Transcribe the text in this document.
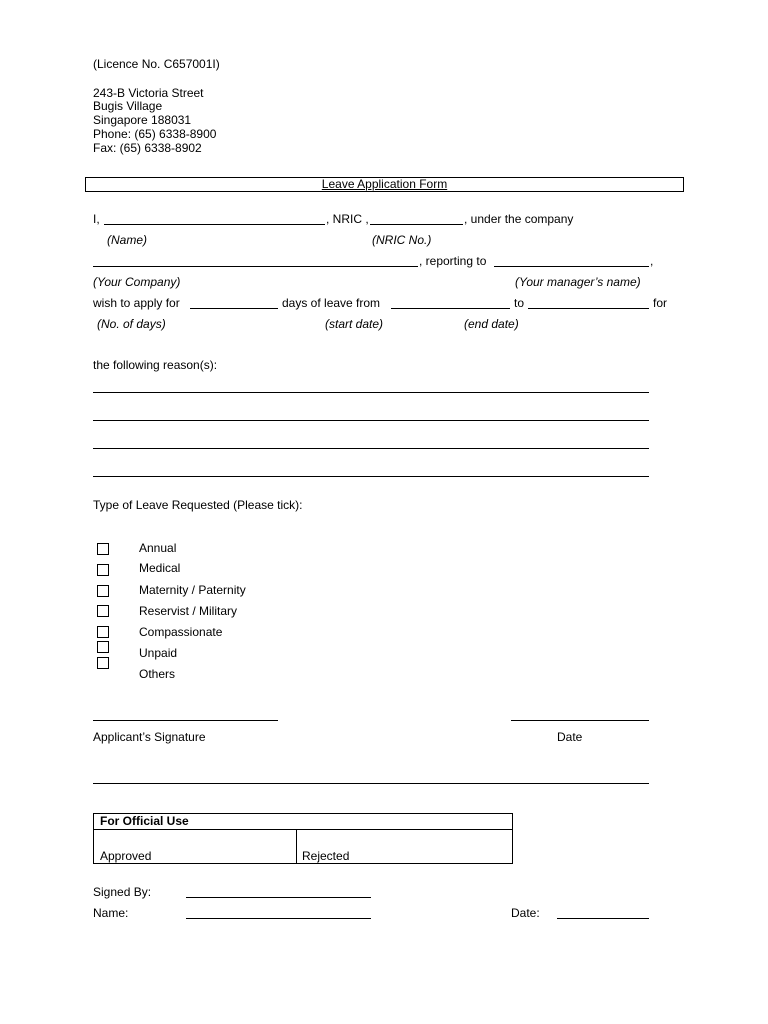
(Licence No. C657001I)
243-B Victoria Street
Bugis Village
Singapore 188031
Phone: (65) 6338-8900
Fax: (65) 6338-8902
Leave Application Form
I,	, NRIC ,	, under the company
(Name)	(NRIC No.)
, reporting to	,
(Your Company)	(Your manager’s name)
wish to apply for	days of leave from	to	for
(No. of days)	(start date)	(end date)
the following reason(s):
Type of Leave Requested (Please tick):
Annual
Medical
Maternity / Paternity
Reservist / Military
Compassionate
Unpaid
Others
Applicant’s Signature	Date
For Official Use
Approved	Rejected
Signed By:
Name:	Date:
